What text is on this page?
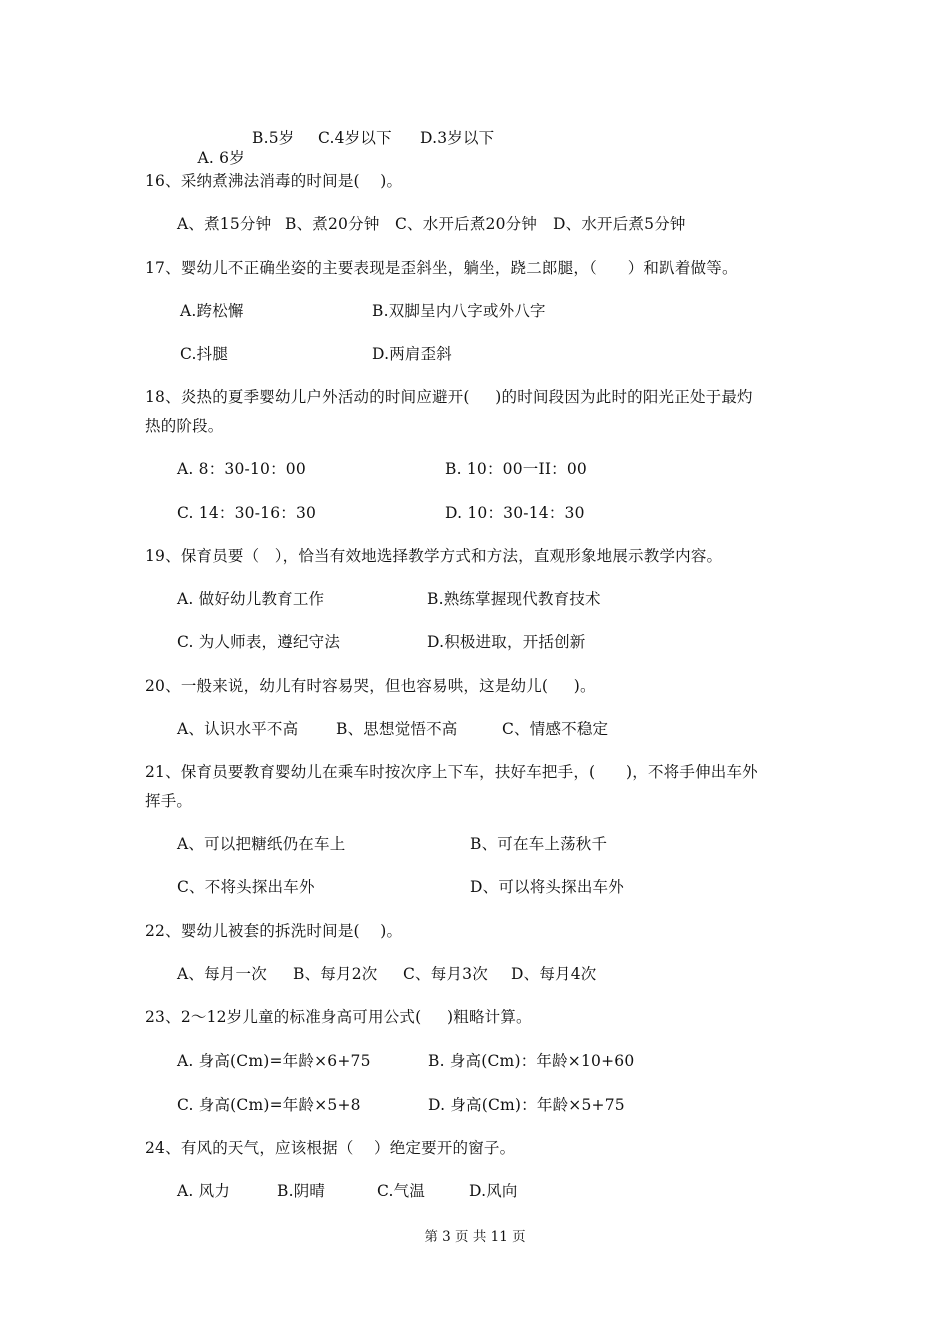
A. 6岁

B.5岁 C.4岁以下 D.3岁以下
16、采纳煮沸法消毒的时间是(    )。
A、煮15分钟 B、煮20分钟 C、水开后煮20分钟 D、水开后煮5分钟
17、婴幼儿不正确坐姿的主要表现是歪斜坐，躺坐，跷二郎腿，（      ）和趴着做等。
A.跨松懈	B.双脚呈内八字或外八字
C.抖腿	D.两肩歪斜
18、炎热的夏季婴幼儿户外活动的时间应避开(     )的时间段因为此时的阳光正处于最灼
热的阶段。
A. 8：30-10：00	B. 10：00一II：00
C. 14：30-16：30	D. 10：30-14：30
19、保育员要（   ），恰当有效地选择教学方式和方法，直观形象地展示教学内容。
A. 做好幼儿教育工作	B.熟练掌握现代教育技术
C. 为人师表，遵纪守法	D.积极进取，开括创新
20、一般来说，幼儿有时容易哭，但也容易哄，这是幼儿(     )。
A、认识水平不高 B、思想觉悟不高	C、情感不稳定
21、保育员要教育婴幼儿在乘车时按次序上下车，扶好车把手，(      )，不将手伸出车外
挥手。
A、可以把糖纸仍在车上	B、可在车上荡秋千
C、不将头探出车外	D、可以将头探出车外
22、婴幼儿被套的拆洗时间是(    )。
A、每月一次 B、每月2次 C、每月3次 D、每月4次
23、2～12岁儿童的标准身高可用公式(     )粗略计算。
A. 身高(Cm)=年龄×6+75	B. 身高(Cm)：年龄×10+60
C. 身高(Cm)=年龄×5+8	D. 身高(Cm)：年龄×5+75
24、有风的天气，应该根据（    ）绝定要开的窗子。
A. 风力	B.阴晴	C.气温	D.风向
第 3 页 共 11 页
